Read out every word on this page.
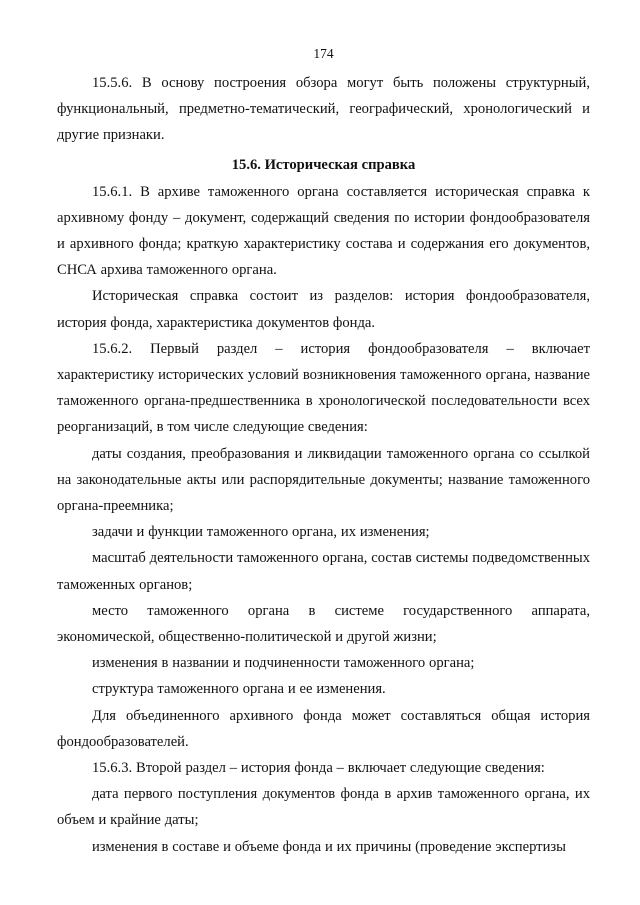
174

15.5.6. В основу построения обзора могут быть положены структурный, функциональный, предметно-тематический, географический, хронологический и другие признаки.

15.6. Историческая справка

15.6.1. В архиве таможенного органа составляется историческая справка к архивному фонду – документ, содержащий сведения по истории фондообразователя и архивного фонда; краткую характеристику состава и содержания его документов, СНСА архива таможенного органа.

Историческая справка состоит из разделов: история фондообразователя, история фонда, характеристика документов фонда.

15.6.2. Первый раздел – история фондообразователя – включает характеристику исторических условий возникновения таможенного органа, название таможенного органа-предшественника в хронологической последовательности всех реорганизаций, в том числе следующие сведения:

даты создания, преобразования и ликвидации таможенного органа со ссылкой на законодательные акты или распорядительные документы; название таможенного органа-преемника;

задачи и функции таможенного органа, их изменения;

масштаб деятельности таможенного органа, состав системы подведомственных таможенных органов;

место таможенного органа в системе государственного аппарата, экономической, общественно-политической и другой жизни;

изменения в названии и подчиненности таможенного органа;

структура таможенного органа и ее изменения.

Для объединенного архивного фонда может составляться общая история фондообразователей.

15.6.3. Второй раздел – история фонда – включает следующие сведения:

дата первого поступления документов фонда в архив таможенного органа, их объем и крайние даты;

изменения в составе и объеме фонда и их причины (проведение экспертизы
